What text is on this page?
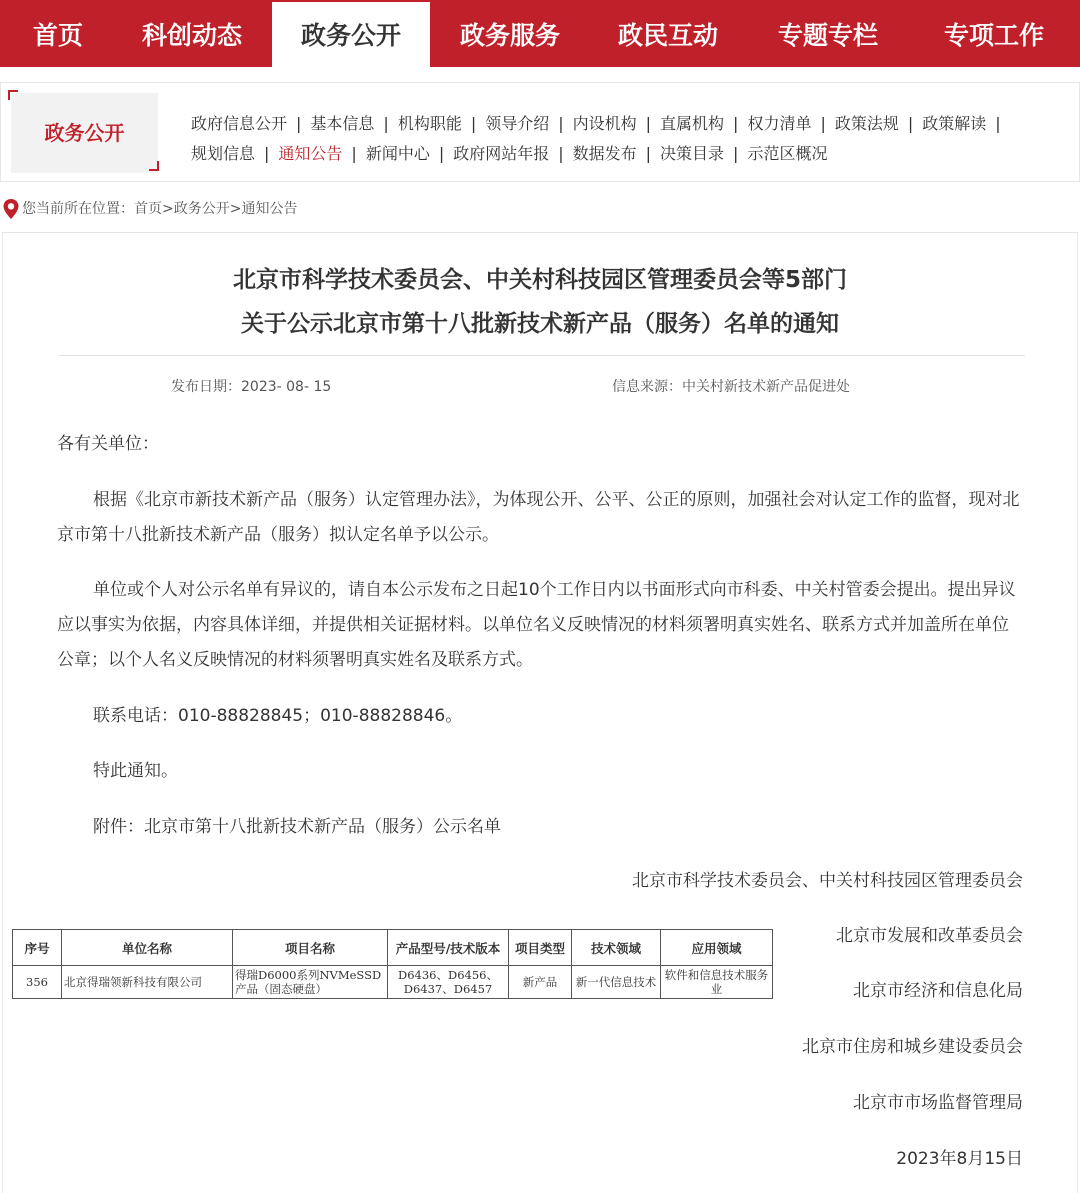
首页	科创动态	政务公开	政务服务	政民互动	专题专栏	专项工作
政务公开	政府信息公开 | 基本信息 | 机构职能 | 领导介绍 | 内设机构 | 直属机构 | 权力清单 | 政策法规 | 政策解读 |
规划信息 | 通知公告 | 新闻中心 | 政府网站年报 | 数据发布 | 决策目录 | 示范区概况
您当前所在位置：首页>政务公开>通知公告
北京市科学技术委员会、中关村科技园区管理委员会等5部门
关于公示北京市第十八批新技术新产品（服务）名单的通知
发布日期：2023- 08- 15	信息来源：中关村新技术新产品促进处
各有关单位：
根据《北京市新技术新产品（服务）认定管理办法》，为体现公开、公平、公正的原则，加强社会对认定工作的监督，现对北京市第十八批新技术新产品（服务）拟认定名单予以公示。
单位或个人对公示名单有异议的，请自本公示发布之日起10个工作日内以书面形式向市科委、中关村管委会提出。提出异议应以事实为依据，内容具体详细，并提供相关证据材料。以单位名义反映情况的材料须署明真实姓名、联系方式并加盖所在单位公章；以个人名义反映情况的材料须署明真实姓名及联系方式。
联系电话：010-88828845；010-88828846。
特此通知。
附件：北京市第十八批新技术新产品（服务）公示名单
北京市科学技术委员会、中关村科技园区管理委员会
北京市发展和改革委员会
北京市经济和信息化局
北京市住房和城乡建设委员会
北京市市场监督管理局
2023年8月15日
序号	单位名称	项目名称	产品型号/技术版本	项目类型	技术领域	应用领域
356	北京得瑞领新科技有限公司	得瑞D6000系列NVMeSSD产品（固态硬盘）	D6436、D6456、D6437、D6457	新产品	新一代信息技术	软件和信息技术服务业
